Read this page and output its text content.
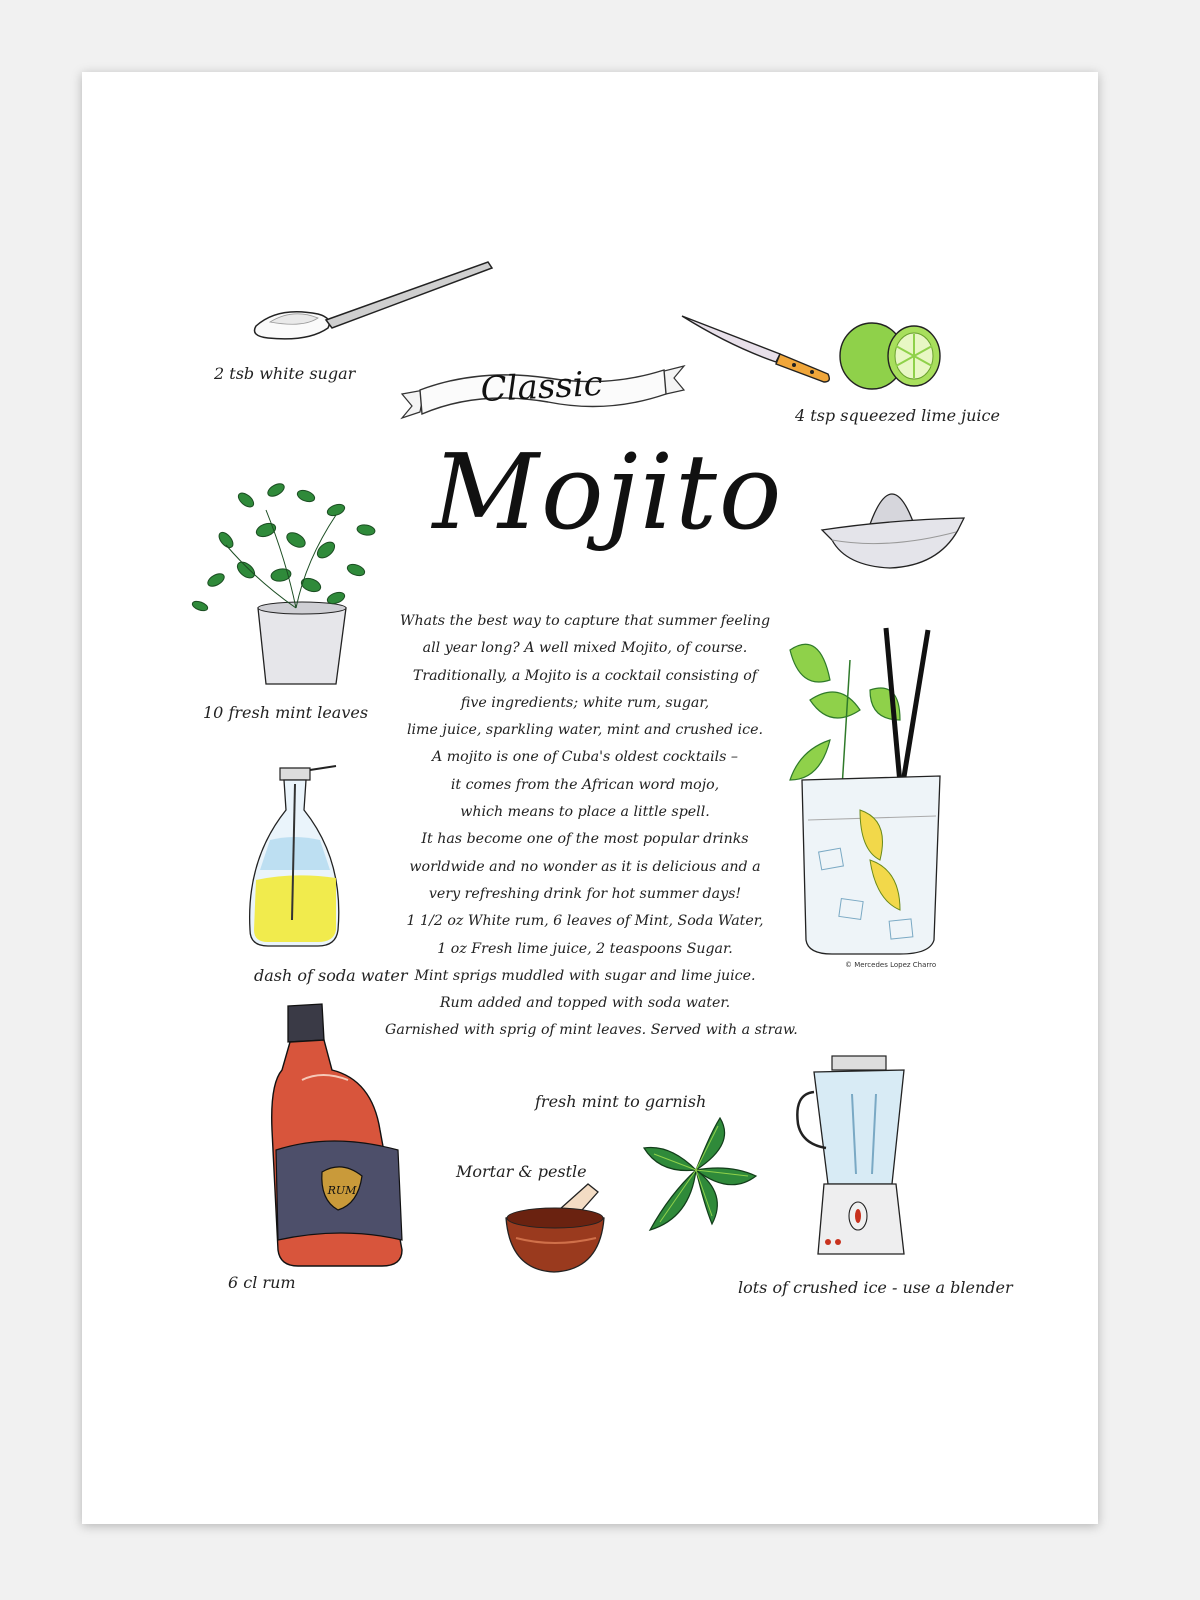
2 tsb white sugar
4 tsp squeezed lime juice
Classic
Mojito
10 fresh mint leaves
dash of soda water
Whats the best way to capture that summer feeling
all year long? A well mixed Mojito, of course.
Traditionally, a Mojito is a cocktail consisting of
five ingredients; white rum, sugar,
lime juice, sparkling water, mint and crushed ice.
A mojito is one of Cuba's oldest cocktails –
it comes from the African word mojo,
which means to place a little spell.
It has become one of the most popular drinks
worldwide and no wonder as it is delicious and a
very refreshing drink for hot summer days!
1 1/2 oz White rum, 6 leaves of Mint, Soda Water,
1 oz Fresh lime juice, 2 teaspoons Sugar.
Mint sprigs muddled with sugar and lime juice.
Rum added and topped with soda water.
Garnished with sprig of mint leaves. Served with a straw.
© Mercedes Lopez Charro
RUM
6 cl rum
Mortar & pestle
fresh mint to garnish
lots of crushed ice - use a blender
